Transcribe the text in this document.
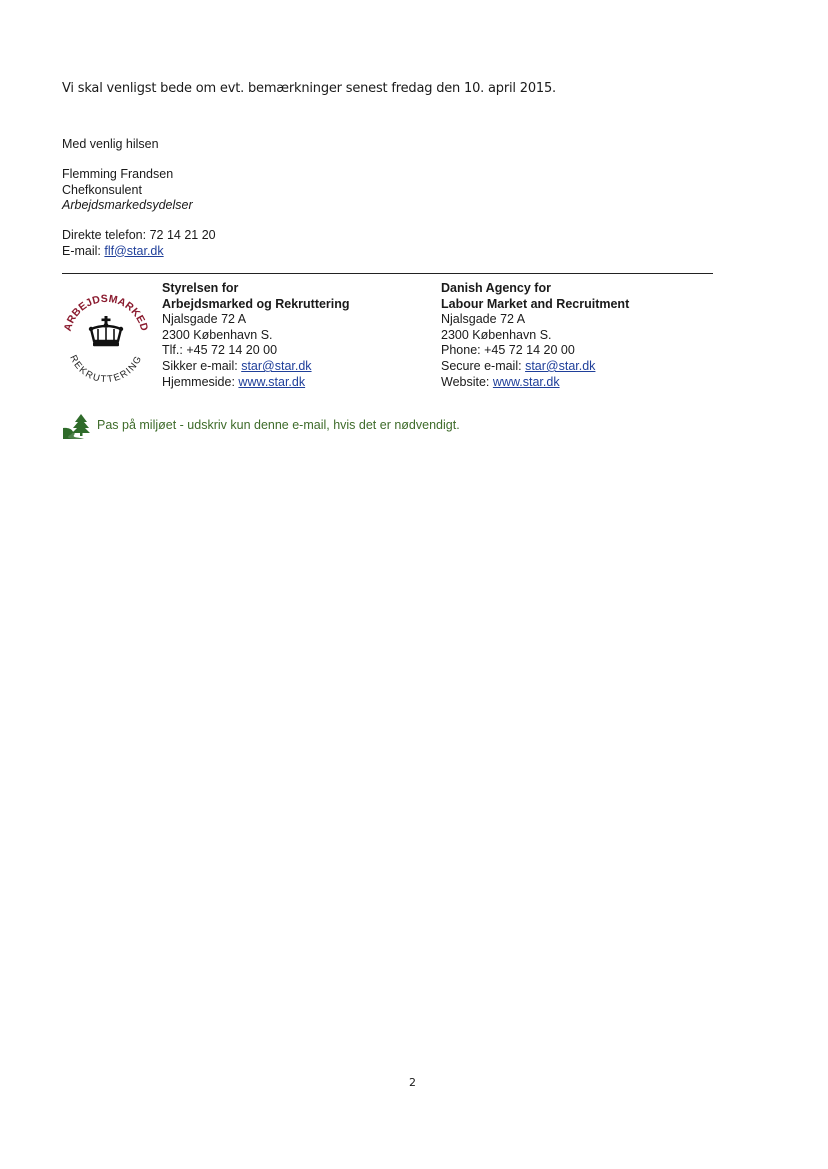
Vi skal venligst bede om evt. bemærkninger senest fredag den 10. april 2015.
Med venlig hilsen
Flemming Frandsen
Chefkonsulent
Arbejdsmarkedsydelser
Direkte telefon: 72 14 21 20
E-mail: flf@star.dk
ARBEJDSMARKED
REKRUTTERING
Styrelsen for
Arbejdsmarked og Rekruttering
Njalsgade 72 A
2300 København S.
Tlf.: +45 72 14 20 00
Sikker e-mail: star@star.dk
Hjemmeside: www.star.dk
Danish Agency for
Labour Market and Recruitment
Njalsgade 72 A
2300 København S.
Phone: +45 72 14 20 00
Secure e-mail: star@star.dk
Website: www.star.dk
Pas på miljøet - udskriv kun denne e-mail, hvis det er nødvendigt.
2
